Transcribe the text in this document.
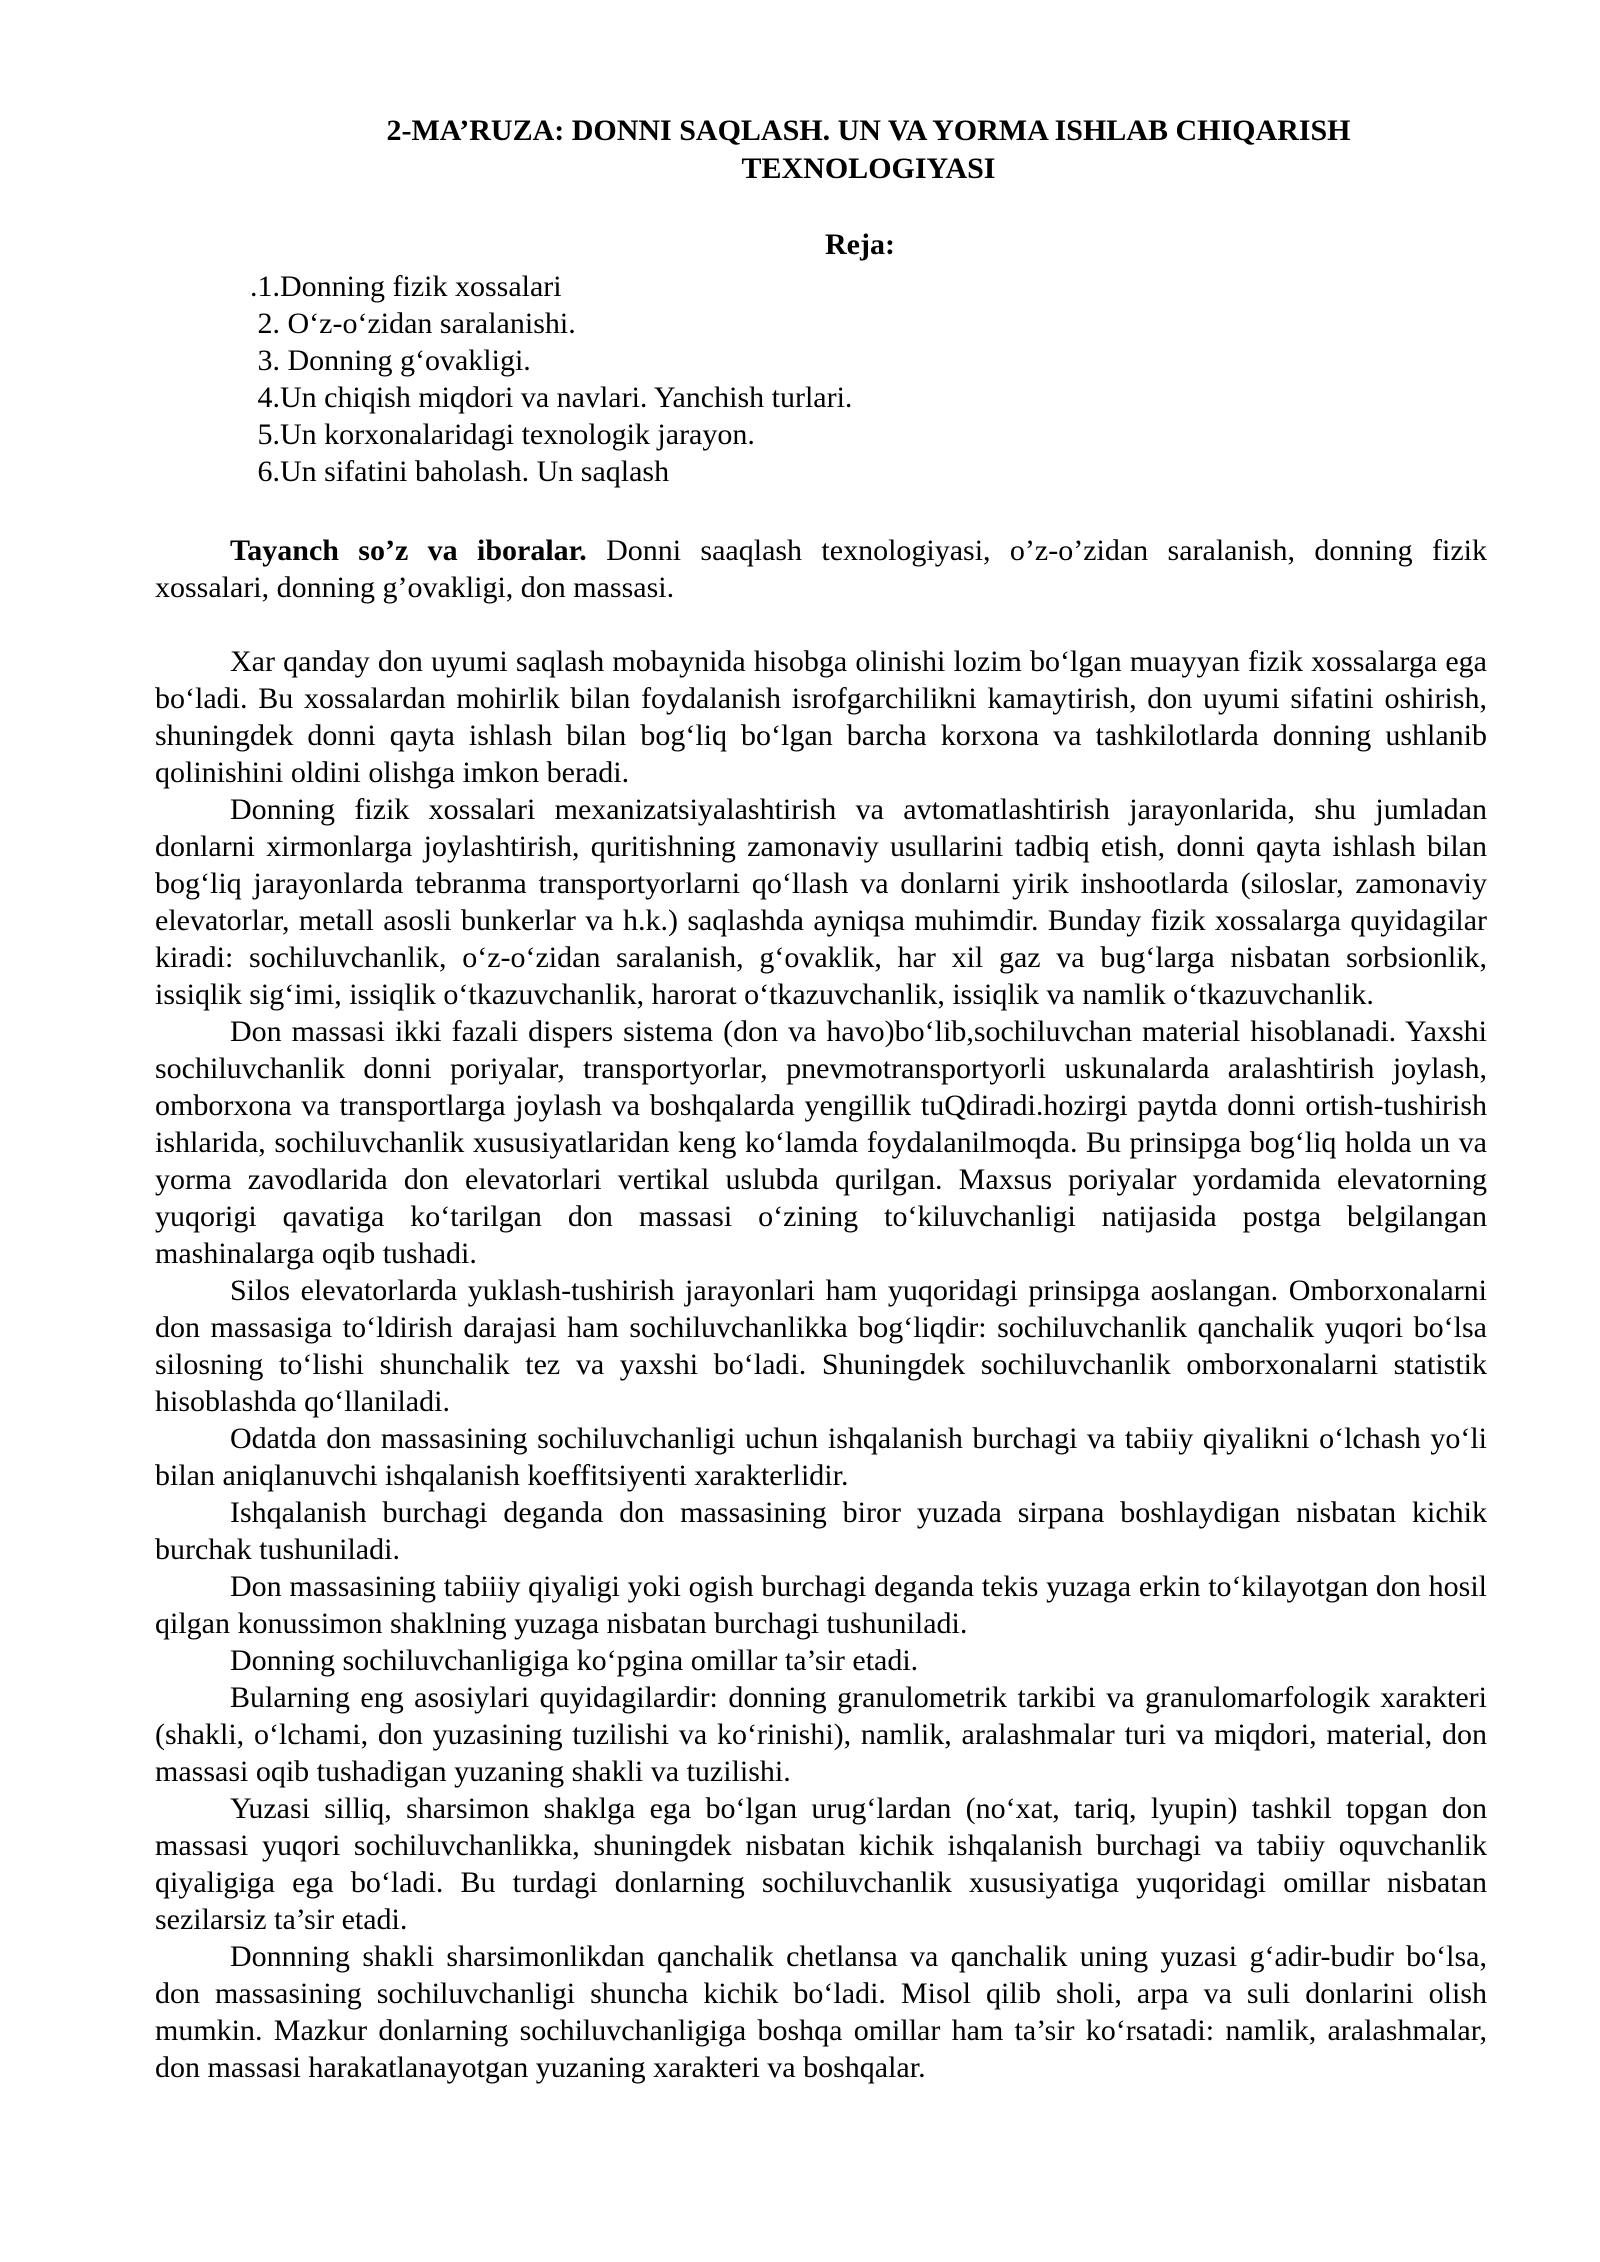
2-MA’RUZA: DONNI SAQLASH. UN VA YORMA ISHLAB CHIQARISH
TEXNOLOGIYASI
Reja:
.1.Donning fizik xossalari
2. O‘z-o‘zidan saralanishi.
3. Donning g‘ovakligi.
4.Un chiqish miqdori va navlari. Yanchish turlari.
5.Un korxonalaridagi texnologik jarayon.
6.Un sifatini baholash. Un saqlash

Tayanch so’z va iboralar. Donni saaqlash texnologiyasi, o’z-o’zidan saralanish, donning fizik xossalari, donning g’ovakligi, don massasi.

Xar qanday don uyumi saqlash mobaynida hisobga olinishi lozim bo‘lgan muayyan fizik xossalarga ega bo‘ladi. Bu xossalardan mohirlik bilan foydalanish isrofgarchilikni kamaytirish, don uyumi sifatini oshirish, shuningdek donni qayta ishlash bilan bog‘liq bo‘lgan barcha korxona va tashkilotlarda donning ushlanib qolinishini oldini olishga imkon beradi.

Donning fizik xossalari mexanizatsiyalashtirish va avtomatlashtirish jarayonlarida, shu jumladan donlarni xirmonlarga joylashtirish, quritishning zamonaviy usullarini tadbiq etish, donni qayta ishlash bilan bog‘liq jarayonlarda tebranma transportyorlarni qo‘llash va donlarni yirik inshootlarda (siloslar, zamonaviy elevatorlar, metall asosli bunkerlar va h.k.) saqlashda ayniqsa muhimdir. Bunday fizik xossalarga quyidagilar kiradi: sochiluvchanlik, o‘z-o‘zidan saralanish, g‘ovaklik, har xil gaz va bug‘larga nisbatan sorbsionlik, issiqlik sig‘imi, issiqlik o‘tkazuvchanlik, harorat o‘tkazuvchanlik, issiqlik va namlik o‘tkazuvchanlik.

Don massasi ikki fazali dispers sistema (don va havo)bo‘lib,sochiluvchan material hisoblanadi. Yaxshi sochiluvchanlik donni poriyalar, transportyorlar, pnevmotransportyorli uskunalarda aralashtirish joylash, omborxona va transportlarga joylash va boshqalarda yengillik tuQdiradi.hozirgi paytda donni ortish-tushirish ishlarida, sochiluvchanlik xususiyatlaridan keng ko‘lamda foydalanilmoqda. Bu prinsipga bog‘liq holda un va yorma zavodlarida don elevatorlari vertikal uslubda qurilgan. Maxsus poriyalar yordamida elevatorning yuqorigi qavatiga ko‘tarilgan don massasi o‘zining to‘kiluvchanligi natijasida postga belgilangan mashinalarga oqib tushadi.

Silos elevatorlarda yuklash-tushirish jarayonlari ham yuqoridagi prinsipga aoslangan. Omborxonalarni don massasiga to‘ldirish darajasi ham sochiluvchanlikka bog‘liqdir: sochiluvchanlik qanchalik yuqori bo‘lsa silosning to‘lishi shunchalik tez va yaxshi bo‘ladi. Shuningdek sochiluvchanlik omborxonalarni statistik hisoblashda qo‘llaniladi.

Odatda don massasining sochiluvchanligi uchun ishqalanish burchagi va tabiiy qiyalikni o‘lchash yo‘li bilan aniqlanuvchi ishqalanish koeffitsiyenti xarakterlidir.

Ishqalanish burchagi deganda don massasining biror yuzada sirpana boshlaydigan nisbatan kichik burchak tushuniladi.

Don massasining tabiiiy qiyaligi yoki ogish burchagi deganda tekis yuzaga erkin to‘kilayotgan don hosil qilgan konussimon shaklning yuzaga nisbatan burchagi tushuniladi.

Donning sochiluvchanligiga ko‘pgina omillar ta’sir etadi.

Bularning eng asosiylari quyidagilardir: donning granulometrik tarkibi va granulomarfologik xarakteri (shakli, o‘lchami, don yuzasining tuzilishi va ko‘rinishi), namlik, aralashmalar turi va miqdori, material, don massasi oqib tushadigan yuzaning shakli va tuzilishi.

Yuzasi silliq, sharsimon shaklga ega bo‘lgan urug‘lardan (no‘xat, tariq, lyupin) tashkil topgan don massasi yuqori sochiluvchanlikka, shuningdek nisbatan kichik ishqalanish burchagi va tabiiy oquvchanlik qiyaligiga ega bo‘ladi. Bu turdagi donlarning sochiluvchanlik xususiyatiga yuqoridagi omillar nisbatan sezilarsiz ta’sir etadi.

Donnning shakli sharsimonlikdan qanchalik chetlansa va qanchalik uning yuzasi g‘adir-budir bo‘lsa, don massasining sochiluvchanligi shuncha kichik bo‘ladi. Misol qilib sholi, arpa va suli donlarini olish mumkin. Mazkur donlarning sochiluvchanligiga boshqa omillar ham ta’sir ko‘rsatadi: namlik, aralashmalar, don massasi harakatlanayotgan yuzaning xarakteri va boshqalar.
